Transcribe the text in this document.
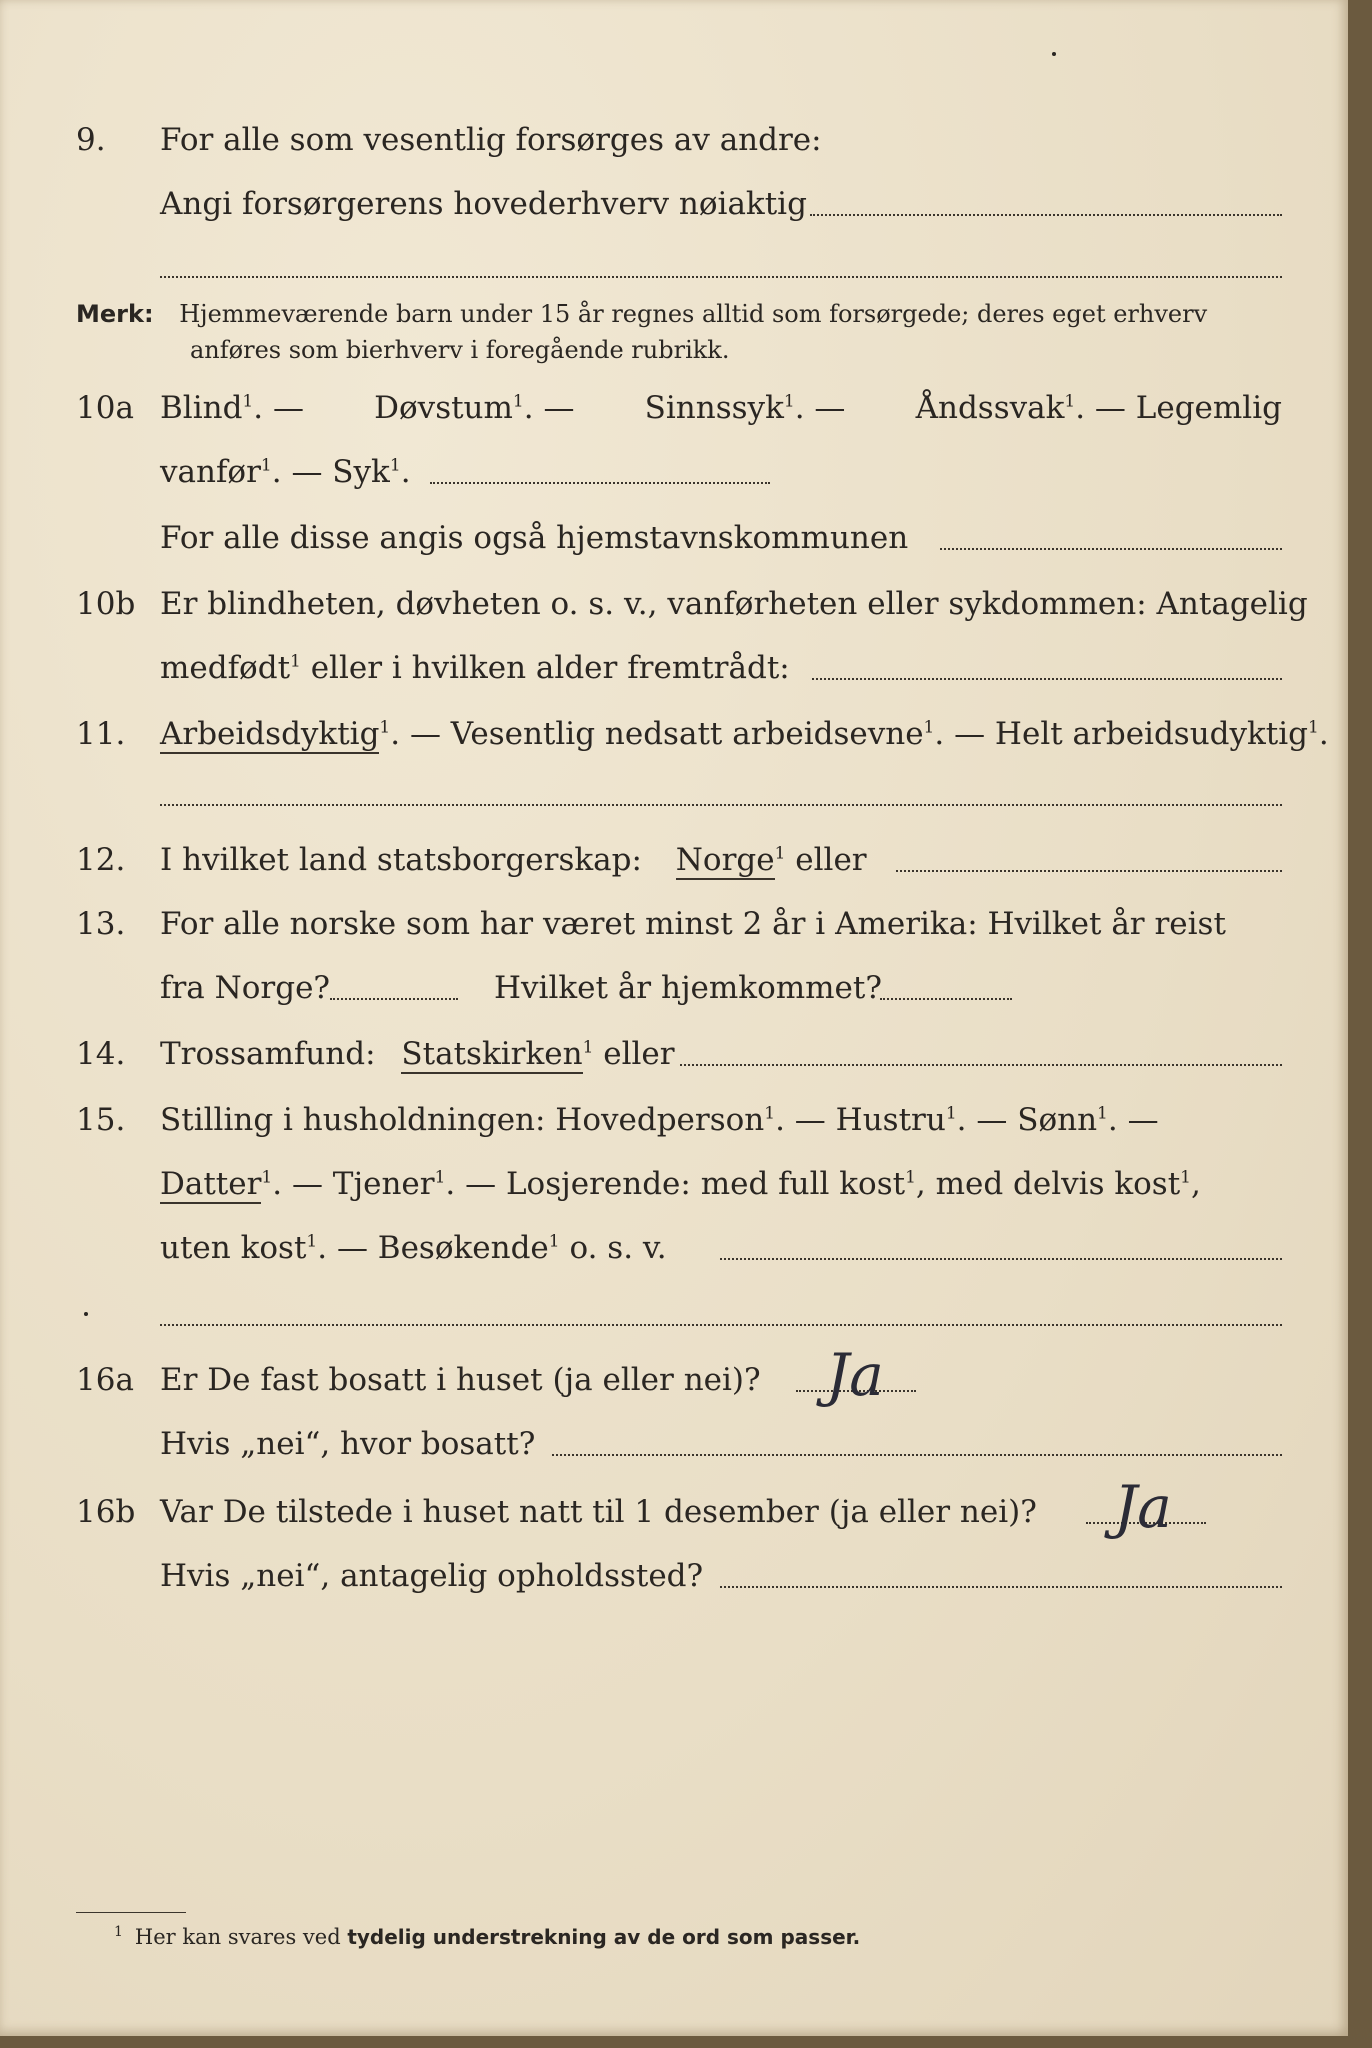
9.	For alle som vesentlig forsørges av andre:
Angi forsørgerens hovederhverv nøiaktig
Merk: Hjemmeværende barn under 15 år regnes alltid som forsørgede; deres eget erhverv
anføres som bierhverv i foregående rubrikk.
10a Blind$^1$. — Døvstum$^1$. — Sinnssyk$^1$. — Åndssvak$^1$. — Legemlig
vanfør$^1$. — Syk$^1$.
For alle disse angis også hjemstavnskommunen
10b Er blindheten, døvheten o. s. v., vanførheten eller sykdommen: Antagelig
medfødt$^1$ eller i hvilken alder fremtrådt:
11.	Arbeidsdyktig$^1$. — Vesentlig nedsatt arbeidsevne$^1$. — Helt arbeidsudyktig$^1$.
12.	I hvilket land statsborgerskap: Norge$^1$ eller
13.	For alle norske som har været minst 2 år i Amerika: Hvilket år reist
fra Norge?	Hvilket år hjemkommet?
14.	Trossamfund: Statskirken$^1$ eller
15.	Stilling i husholdningen: Hovedperson$^1$. — Hustru$^1$. — Sønn$^1$. —
Datter$^1$. — Tjener$^1$. — Losjerende: med full kost$^1$, med delvis kost$^1$,
uten kost$^1$. — Besøkende$^1$ o. s. v.
16a Er De fast bosatt i huset (ja eller nei)? Ja
Hvis „nei“, hvor bosatt?
16b Var De tilstede i huset natt til 1 desember (ja eller nei)? Ja
Hvis „nei“, antagelig opholdssted?
$^1$ Her kan svares ved tydelig understrekning av de ord som passer.
